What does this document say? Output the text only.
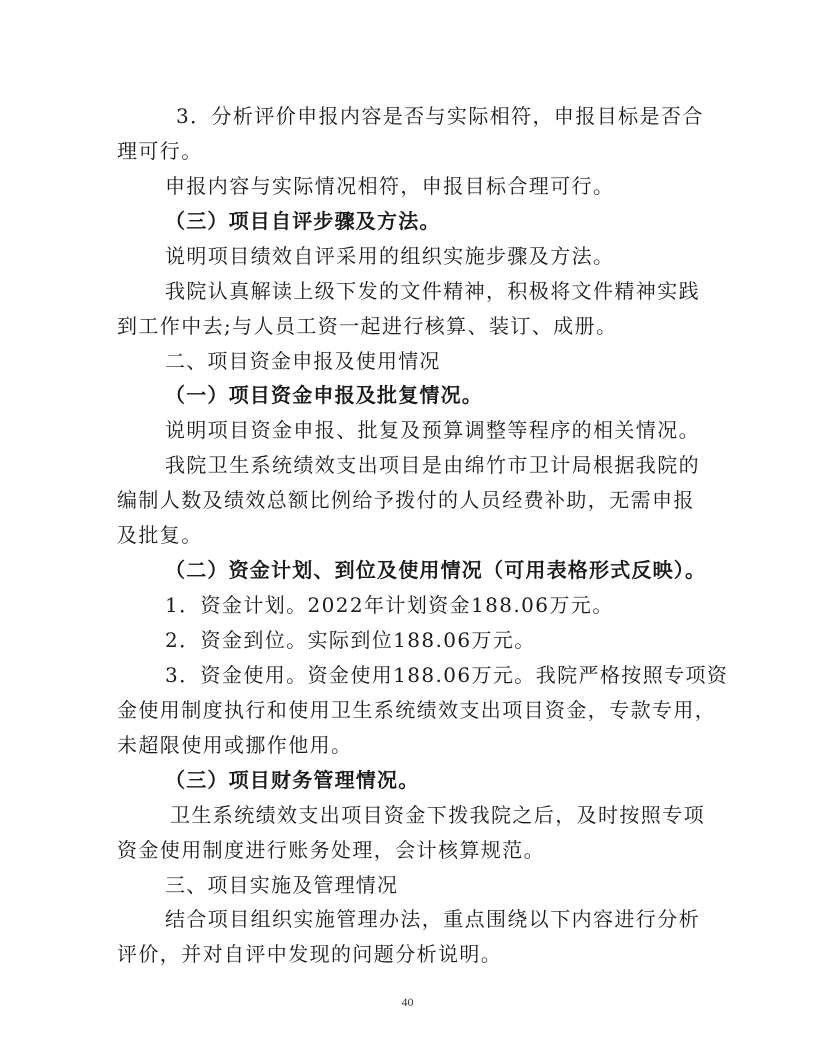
3．分析评价申报内容是否与实际相符，申报目标是否合
理可行。
申报内容与实际情况相符，申报目标合理可行。
（三）项目自评步骤及方法。
说明项目绩效自评采用的组织实施步骤及方法。
我院认真解读上级下发的文件精神，积极将文件精神实践
到工作中去;与人员工资一起进行核算、装订、成册。
二、项目资金申报及使用情况
（一）项目资金申报及批复情况。
说明项目资金申报、批复及预算调整等程序的相关情况。
我院卫生系统绩效支出项目是由绵竹市卫计局根据我院的
编制人数及绩效总额比例给予拨付的人员经费补助，无需申报
及批复。
（二）资金计划、到位及使用情况（可用表格形式反映）。
1．资金计划。2022年计划资金188.06万元。
2．资金到位。实际到位188.06万元。
3．资金使用。资金使用188.06万元。我院严格按照专项资
金使用制度执行和使用卫生系统绩效支出项目资金，专款专用，
未超限使用或挪作他用。
（三）项目财务管理情况。
卫生系统绩效支出项目资金下拨我院之后，及时按照专项
资金使用制度进行账务处理，会计核算规范。
三、项目实施及管理情况
结合项目组织实施管理办法，重点围绕以下内容进行分析
评价，并对自评中发现的问题分析说明。
40
